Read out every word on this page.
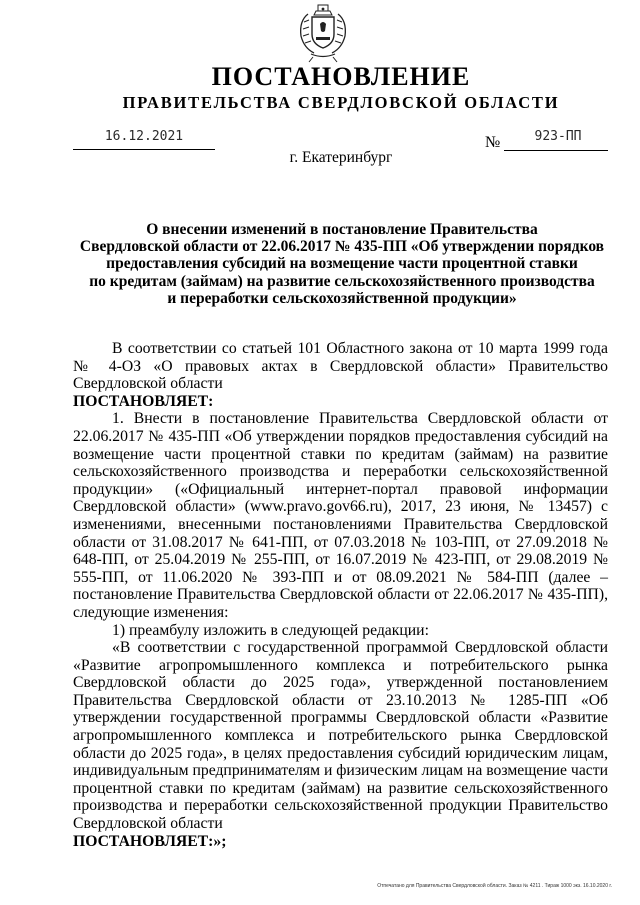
ПОСТАНОВЛЕНИЕ
ПРАВИТЕЛЬСТВА СВЕРДЛОВСКОЙ ОБЛАСТИ
16.12.2021	№	923-ПП
г. Екатеринбург
О внесении изменений в постановление Правительства
Свердловской области от 22.06.2017 № 435-ПП «Об утверждении порядков
предоставления субсидий на возмещение части процентной ставки
по кредитам (займам) на развитие сельскохозяйственного производства
и переработки сельскохозяйственной продукции»

В соответствии со статьей 101 Областного закона от 10 марта 1999 года № 4-ОЗ «О правовых актах в Свердловской области» Правительство Свердловской области

ПОСТАНОВЛЯЕТ:

1. Внести в постановление Правительства Свердловской области от 22.06.2017 № 435-ПП «Об утверждении порядков предоставления субсидий на возмещение части процентной ставки по кредитам (займам) на развитие сельскохозяйственного производства и переработки сельскохозяйственной продукции» («Официальный интернет-портал правовой информации Свердловской области» (www.pravo.gov66.ru), 2017, 23 июня, № 13457) с изменениями, внесенными постановлениями Правительства Свердловской области от 31.08.2017 № 641-ПП, от 07.03.2018 № 103-ПП, от 27.09.2018 № 648-ПП, от 25.04.2019 № 255-ПП, от 16.07.2019 № 423-ПП, от 29.08.2019 № 555-ПП, от 11.06.2020 № 393-ПП и от 08.09.2021 № 584-ПП (далее – постановление Правительства Свердловской области от 22.06.2017 № 435-ПП), следующие изменения:

1) преамбулу изложить в следующей редакции:

«В соответствии с государственной программой Свердловской области «Развитие агропромышленного комплекса и потребительского рынка Свердловской области до 2025 года», утвержденной постановлением Правительства Свердловской области от 23.10.2013 № 1285-ПП «Об утверждении государственной программы Свердловской области «Развитие агропромышленного комплекса и потребительского рынка Свердловской области до 2025 года», в целях предоставления субсидий юридическим лицам, индивидуальным предпринимателям и физическим лицам на возмещение части процентной ставки по кредитам (займам) на развитие сельскохозяйственного производства и переработки сельскохозяйственной продукции Правительство Свердловской области

ПОСТАНОВЛЯЕТ:»;

Отпечатано для Правительства Свердловской области. Заказ № 4211 . Тираж 1000 экз. 16.10.2020 г.
